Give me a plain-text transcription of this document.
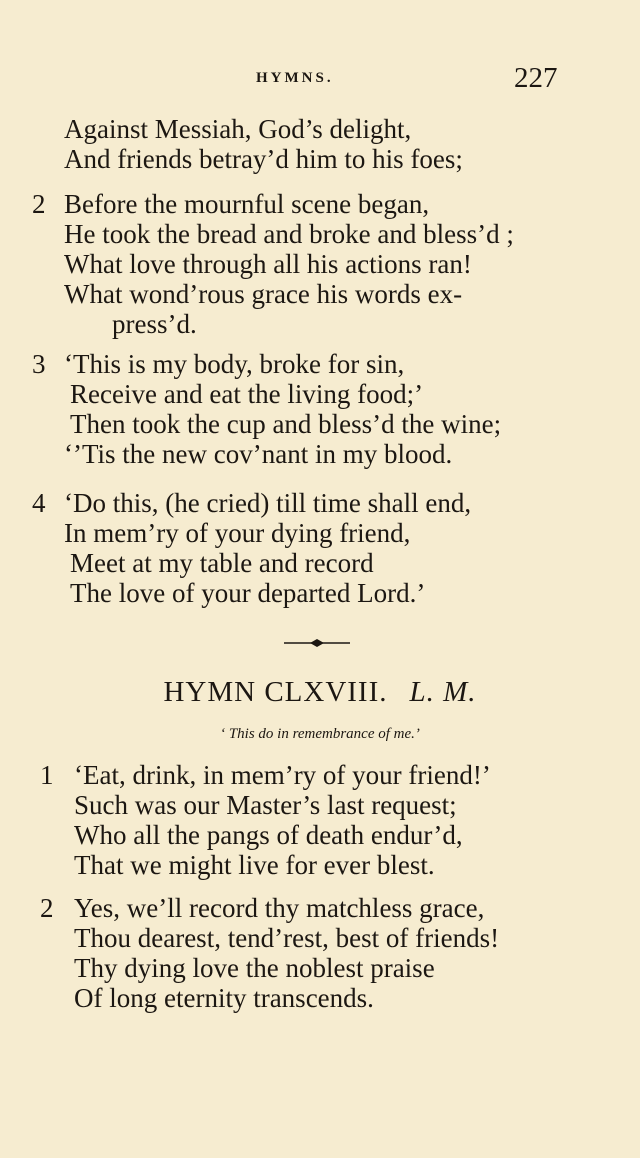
HYMNS.	227
Against Messiah, God’s delight,
And friends betray’d him to his foes;
2 Before the mournful scene began,
He took the bread and broke and bless’d ;
What love through all his actions ran!
What wond’rous grace his words ex-
press’d.
3 ‘This is my body, broke for sin,
Receive and eat the living food;’
Then took the cup and bless’d the wine;
‘’Tis the new cov’nant in my blood.
4 ‘Do this, (he cried) till time shall end,
In mem’ry of your dying friend,
Meet at my table and record
The love of your departed Lord.’
HYMN CLXVIII. L. M.
‘ This do in remembrance of me.’
1 ‘Eat, drink, in mem’ry of your friend!’
Such was our Master’s last request;
Who all the pangs of death endur’d,
That we might live for ever blest.
2 Yes, we’ll record thy matchless grace,
Thou dearest, tend’rest, best of friends!
Thy dying love the noblest praise
Of long eternity transcends.
